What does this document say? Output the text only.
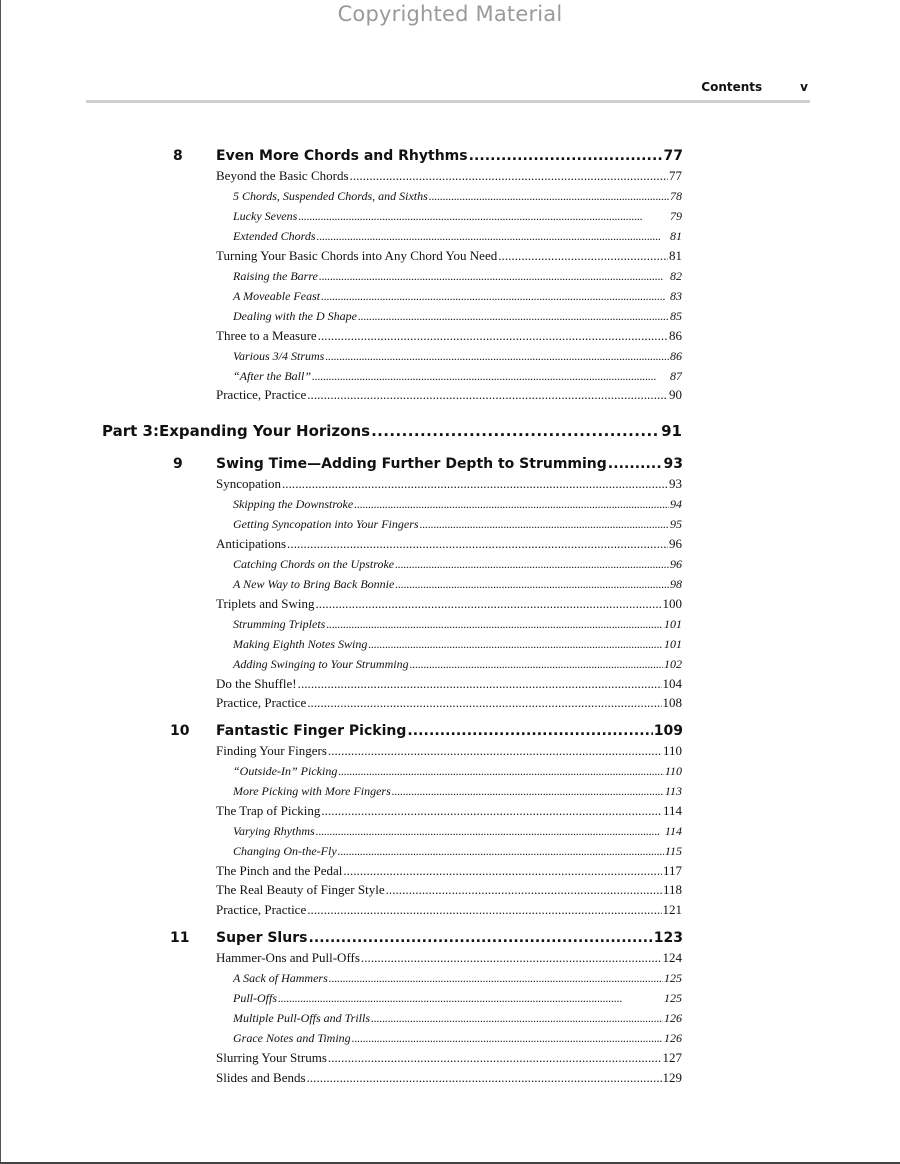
Copyrighted Material
Contents	v
8 Even More Chords and Rhythms . . .	77
Beyond the Basic Chords . . .	77
5 Chords, Suspended Chords, and Sixths . . .	78
Lucky Sevens . . .	79
Extended Chords . . .	81
Turning Your Basic Chords into Any Chord You Need . . .	81
Raising the Barre . . .	82
A Moveable Feast . . .	83
Dealing with the D Shape . . .	85
Three to a Measure . . .	86
Various 3/4 Strums . . .	86
“After the Ball” . . .	87
Practice, Practice . . .	90
Part 3: Expanding Your Horizons . . .	91
9 Swing Time—Adding Further Depth to Strumming . . .	93
Syncopation . . .	93
Skipping the Downstroke . . .	94
Getting Syncopation into Your Fingers . . .	95
Anticipations . . .	96
Catching Chords on the Upstroke . . .	96
A New Way to Bring Back Bonnie . . .	98
Triplets and Swing . . .	100
Strumming Triplets . . .	101
Making Eighth Notes Swing . . .	101
Adding Swinging to Your Strumming . . .	102
Do the Shuffle! . . .	104
Practice, Practice . . .	108
10 Fantastic Finger Picking . . .	109
Finding Your Fingers . . .	110
“Outside-In” Picking . . .	110
More Picking with More Fingers . . .	113
The Trap of Picking . . .	114
Varying Rhythms . . .	114
Changing On-the-Fly . . .	115
The Pinch and the Pedal . . .	117
The Real Beauty of Finger Style . . .	118
Practice, Practice . . .	121
11 Super Slurs . . .	123
Hammer-Ons and Pull-Offs . . .	124
A Sack of Hammers . . .	125
Pull-Offs . . .	125
Multiple Pull-Offs and Trills . . .	126
Grace Notes and Timing . . .	126
Slurring Your Strums . . .	127
Slides and Bends . . .	129
